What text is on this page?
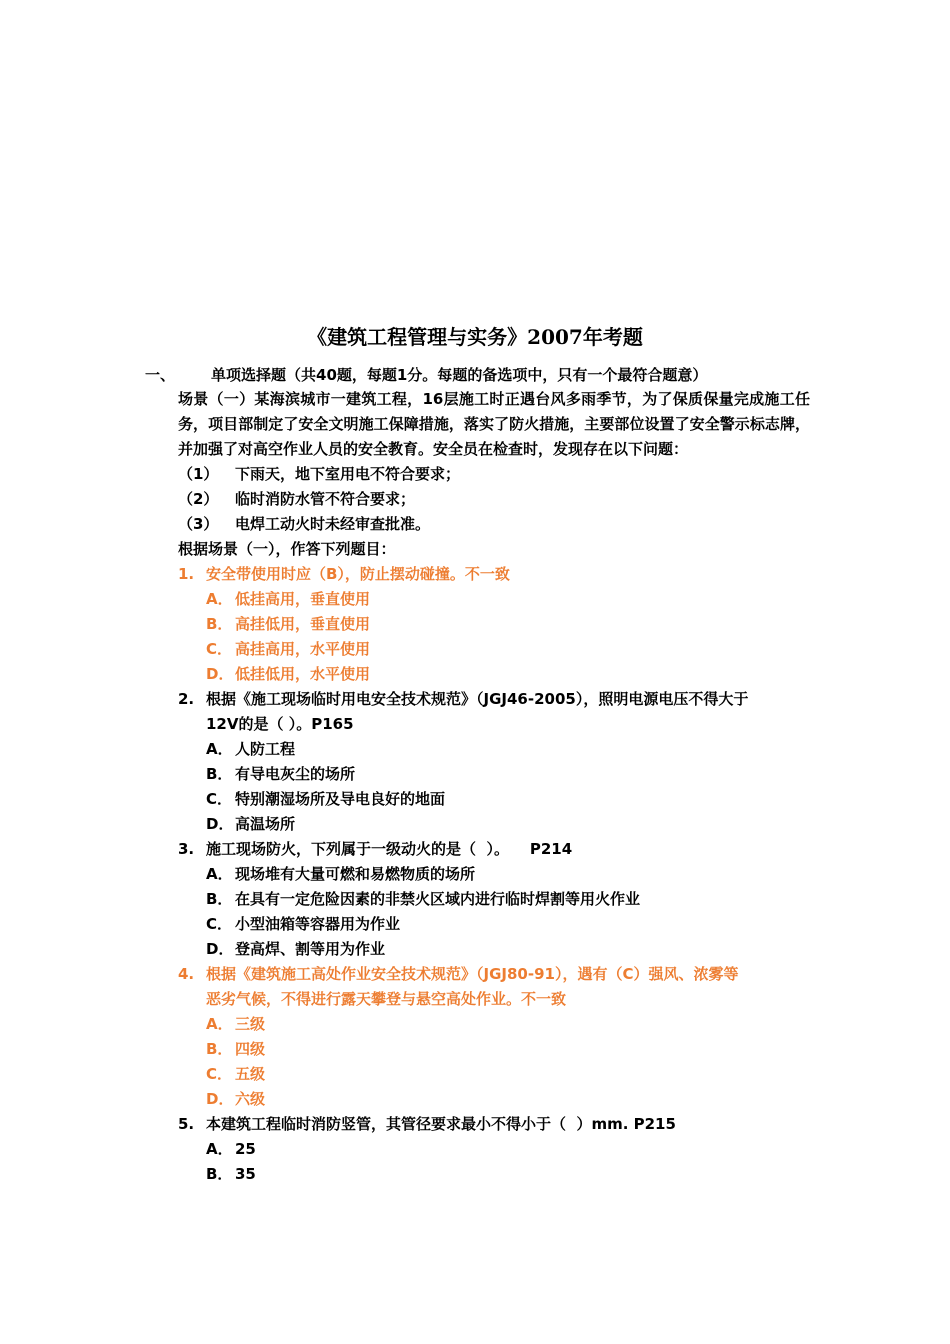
《建筑工程管理与实务》2007年考题
一、 单项选择题（共40题，每题1分。每题的备选项中，只有一个最符合题意）

场景（一）某海滨城市一建筑工程，16层施工时正遇台风多雨季节，为了保质保量完成施工任务，项目部制定了安全文明施工保障措施，落实了防火措施，主要部位设置了安全警示标志牌，并加强了对高空作业人员的安全教育。安全员在检查时，发现存在以下问题：

（1） 下雨天，地下室用电不符合要求；

（2） 临时消防水管不符合要求；

（3） 电焊工动火时未经审查批准。

根据场景（一），作答下列题目：

1. 安全带使用时应（B），防止摆动碰撞。不一致

A． 低挂高用，垂直使用

B． 高挂低用，垂直使用

C． 高挂高用，水平使用

D． 低挂低用，水平使用

2. 根据《施工现场临时用电安全技术规范》（JGJ46-2005），照明电源电压不得大于
12V的是（ ）。P165

A． 人防工程

B． 有导电灰尘的场所

C． 特别潮湿场所及导电良好的地面

D． 高温场所

3. 施工现场防火，下列属于一级动火的是（  ）。    P214

A． 现场堆有大量可燃和易燃物质的场所

B． 在具有一定危险因素的非禁火区域内进行临时焊割等用火作业

C． 小型油箱等容器用为作业

D． 登高焊、割等用为作业

4. 根据《建筑施工高处作业安全技术规范》（JGJ80-91），遇有（C）强风、浓雾等
恶劣气候，不得进行露天攀登与悬空高处作业。不一致

A． 三级

B． 四级

C． 五级

D． 六级

5. 本建筑工程临时消防竖管，其管径要求最小不得小于（  ）mm. P215

A． 25

B． 35
